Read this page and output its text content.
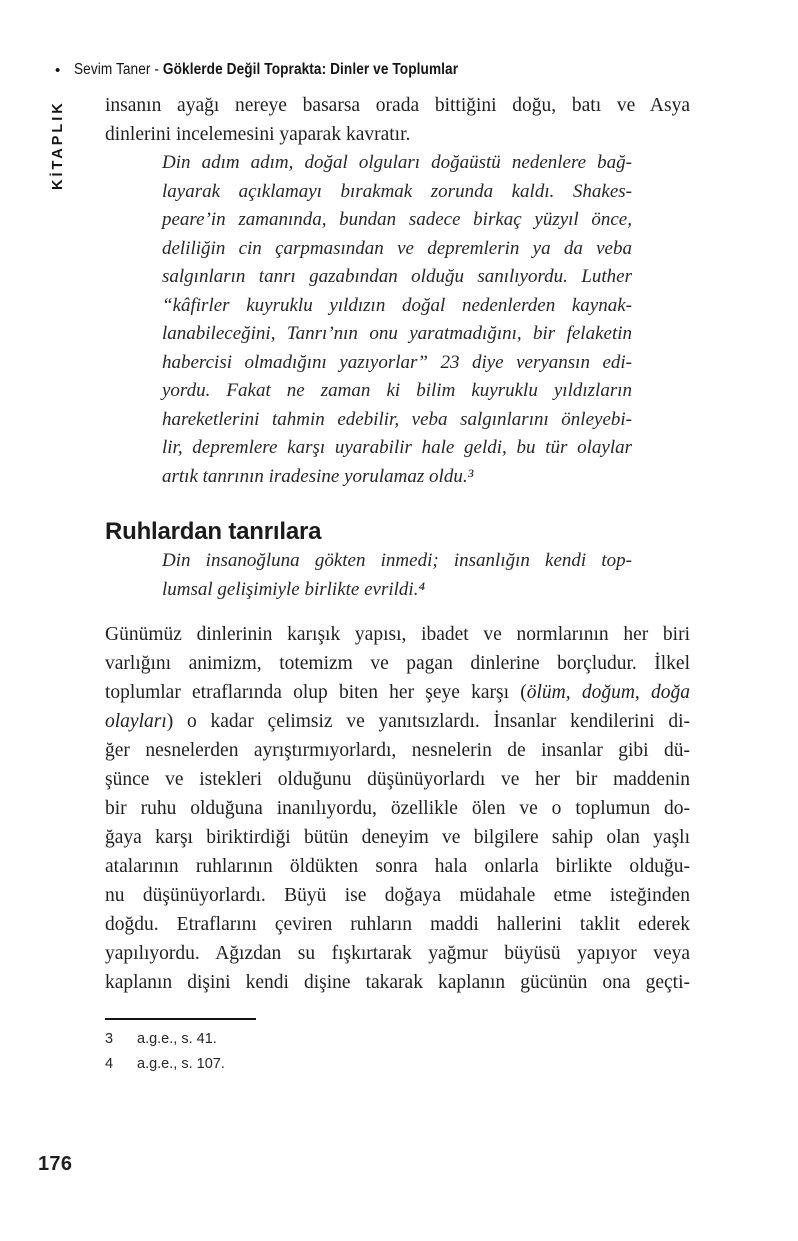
• Sevim Taner - Göklerde Değil Toprakta: Dinler ve Toplumlar
KİTAPLIK insanın ayağı nereye basarsa orada bittiğini doğu, batı ve Asya
dinlerini incelemesini yaparak kavratır.
Din adım adım, doğal olguları doğaüstü nedenlere bağ-
layarak açıklamayı bırakmak zorunda kaldı. Shakes-
peare’in zamanında, bundan sadece birkaç yüzyıl önce,
deliliğin cin çarpmasından ve depremlerin ya da veba
salgınların tanrı gazabından olduğu sanılıyordu. Luther
“kâfirler kuyruklu yıldızın doğal nedenlerden kaynak-
lanabileceğini, Tanrı’nın onu yaratmadığını, bir felaketin
habercisi olmadığını yazıyorlar” 23 diye veryansın edi-
yordu. Fakat ne zaman ki bilim kuyruklu yıldızların
hareketlerini tahmin edebilir, veba salgınlarını önleyebi-
lir, depremlere karşı uyarabilir hale geldi, bu tür olaylar
artık tanrının iradesine yorulamaz oldu.³
Ruhlardan tanrılara
Din insanoğluna gökten inmedi; insanlığın kendi top-
lumsal gelişimiyle birlikte evrildi.⁴
Günümüz dinlerinin karışık yapısı, ibadet ve normlarının her biri
varlığını animizm, totemizm ve pagan dinlerine borçludur. İlkel
toplumlar etraflarında olup biten her şeye karşı (ölüm, doğum, doğa
olayları) o kadar çelimsiz ve yanıtsızlardı. İnsanlar kendilerini di-
ğer nesnelerden ayrıştırmıyorlardı, nesnelerin de insanlar gibi dü-
şünce ve istekleri olduğunu düşünüyorlardı ve her bir maddenin
bir ruhu olduğuna inanılıyordu, özellikle ölen ve o toplumun do-
ğaya karşı biriktirdiği bütün deneyim ve bilgilere sahip olan yaşlı
atalarının ruhlarının öldükten sonra hala onlarla birlikte olduğu-
nu düşünüyorlardı. Büyü ise doğaya müdahale etme isteğinden
doğdu. Etraflarını çeviren ruhların maddi hallerini taklit ederek
yapılıyordu. Ağızdan su fışkırtarak yağmur büyüsü yapıyor veya
kaplanın dişini kendi dişine takarak kaplanın gücünün ona geçti-
3	a.g.e., s. 41.
4	a.g.e., s. 107.
176
